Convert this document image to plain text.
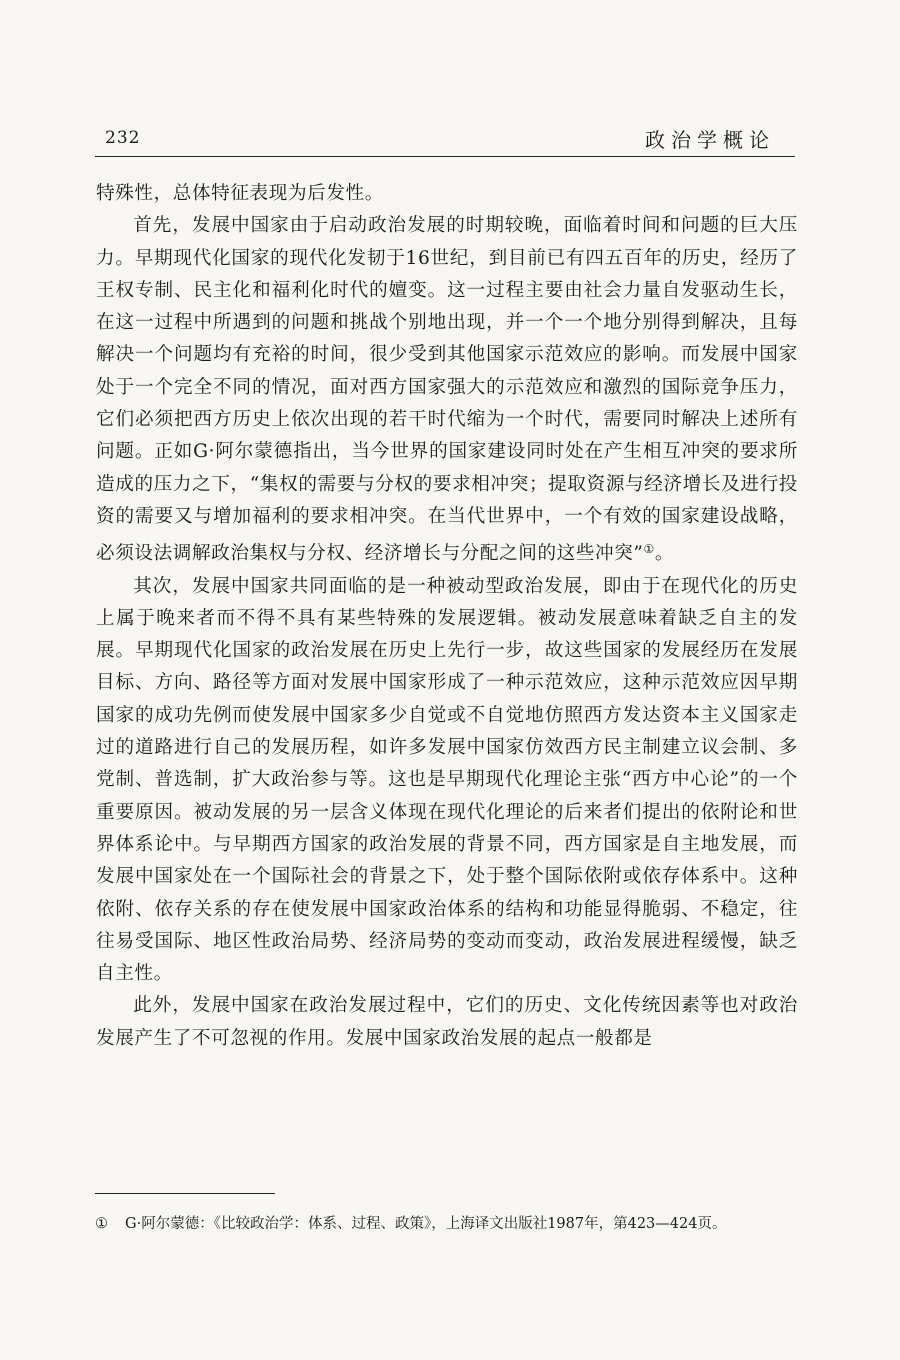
232	政治学概论

特殊性，总体特征表现为后发性。

首先，发展中国家由于启动政治发展的时期较晚，面临着时间和问题的巨大压力。早期现代化国家的现代化发韧于16世纪，到目前已有四五百年的历史，经历了王权专制、民主化和福利化时代的嬗变。这一过程主要由社会力量自发驱动生长，在这一过程中所遇到的问题和挑战个别地出现，并一个一个地分别得到解决，且每解决一个问题均有充裕的时间，很少受到其他国家示范效应的影响。而发展中国家处于一个完全不同的情况，面对西方国家强大的示范效应和激烈的国际竞争压力，它们必须把西方历史上依次出现的若干时代缩为一个时代，需要同时解决上述所有问题。正如G·阿尔蒙德指出，当今世界的国家建设同时处在产生相互冲突的要求所造成的压力之下，“集权的需要与分权的要求相冲突；提取资源与经济增长及进行投资的需要又与增加福利的要求相冲突。在当代世界中，一个有效的国家建设战略，必须设法调解政治集权与分权、经济增长与分配之间的这些冲突”①。

其次，发展中国家共同面临的是一种被动型政治发展，即由于在现代化的历史上属于晚来者而不得不具有某些特殊的发展逻辑。被动发展意味着缺乏自主的发展。早期现代化国家的政治发展在历史上先行一步，故这些国家的发展经历在发展目标、方向、路径等方面对发展中国家形成了一种示范效应，这种示范效应因早期国家的成功先例而使发展中国家多少自觉或不自觉地仿照西方发达资本主义国家走过的道路进行自己的发展历程，如许多发展中国家仿效西方民主制建立议会制、多党制、普选制，扩大政治参与等。这也是早期现代化理论主张“西方中心论”的一个重要原因。被动发展的另一层含义体现在现代化理论的后来者们提出的依附论和世界体系论中。与早期西方国家的政治发展的背景不同，西方国家是自主地发展，而发展中国家处在一个国际社会的背景之下，处于整个国际依附或依存体系中。这种依附、依存关系的存在使发展中国家政治体系的结构和功能显得脆弱、不稳定，往往易受国际、地区性政治局势、经济局势的变动而变动，政治发展进程缓慢，缺乏自主性。

此外，发展中国家在政治发展过程中，它们的历史、文化传统因素等也对政治发展产生了不可忽视的作用。发展中国家政治发展的起点一般都是

① G·阿尔蒙德：《比较政治学：体系、过程、政策》，上海译文出版社1987年，第423—424页。
